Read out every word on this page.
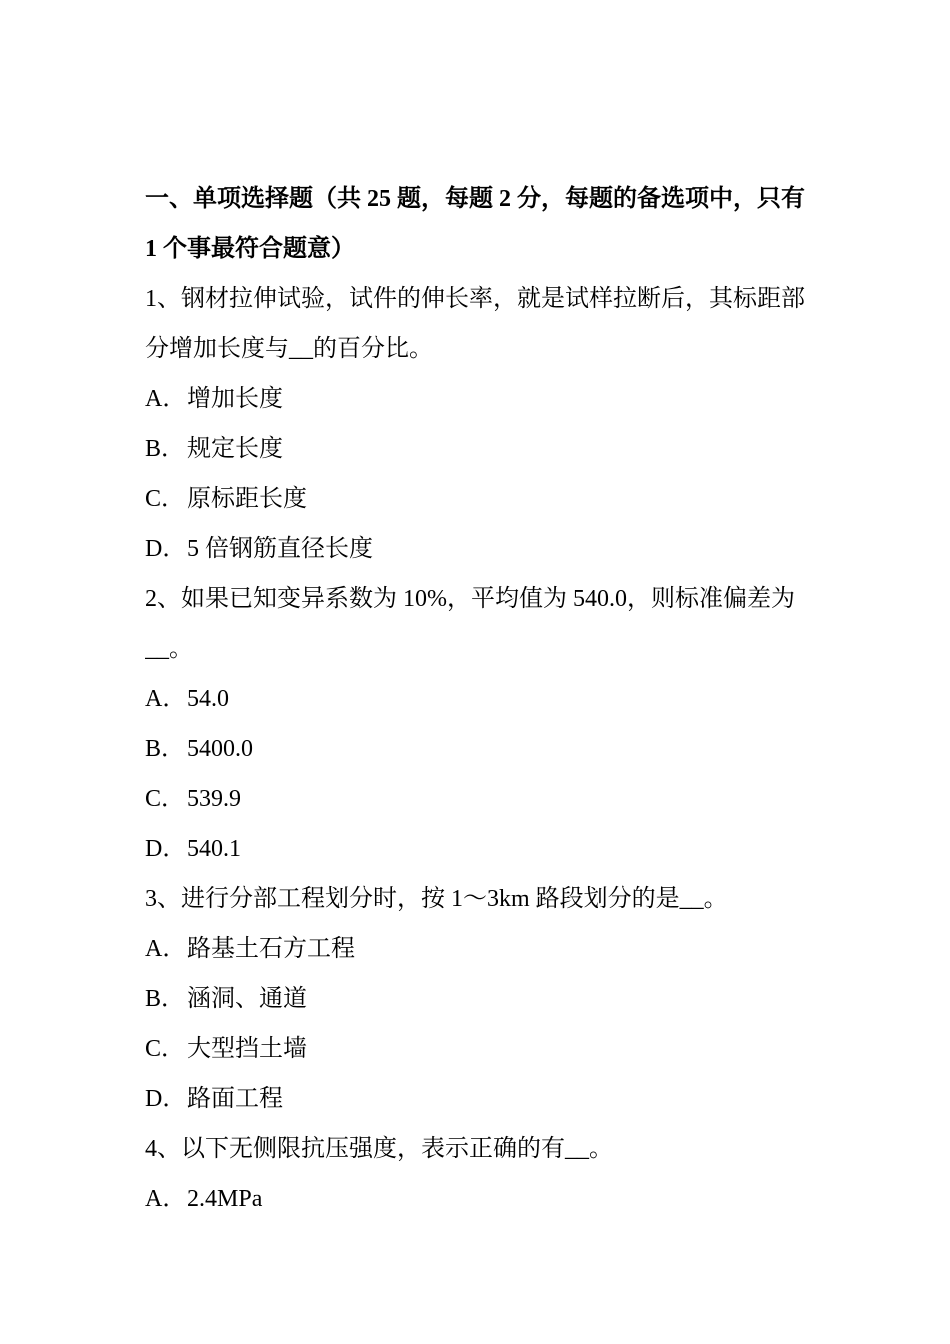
一、单项选择题（共 25 题，每题 2 分，每题的备选项中，只有
1 个事最符合题意）
1、钢材拉伸试验，试件的伸长率，就是试样拉断后，其标距部
分增加长度与__的百分比。
A．增加长度
B．规定长度
C．原标距长度
D．5 倍钢筋直径长度
2、如果已知变异系数为 10%，平均值为 540.0，则标准偏差为
__。
A．54.0
B．5400.0
C．539.9
D．540.1
3、进行分部工程划分时，按 1～3km 路段划分的是__。
A．路基土石方工程
B．涵洞、通道
C．大型挡土墙
D．路面工程
4、以下无侧限抗压强度，表示正确的有__。
A．2.4MPa
